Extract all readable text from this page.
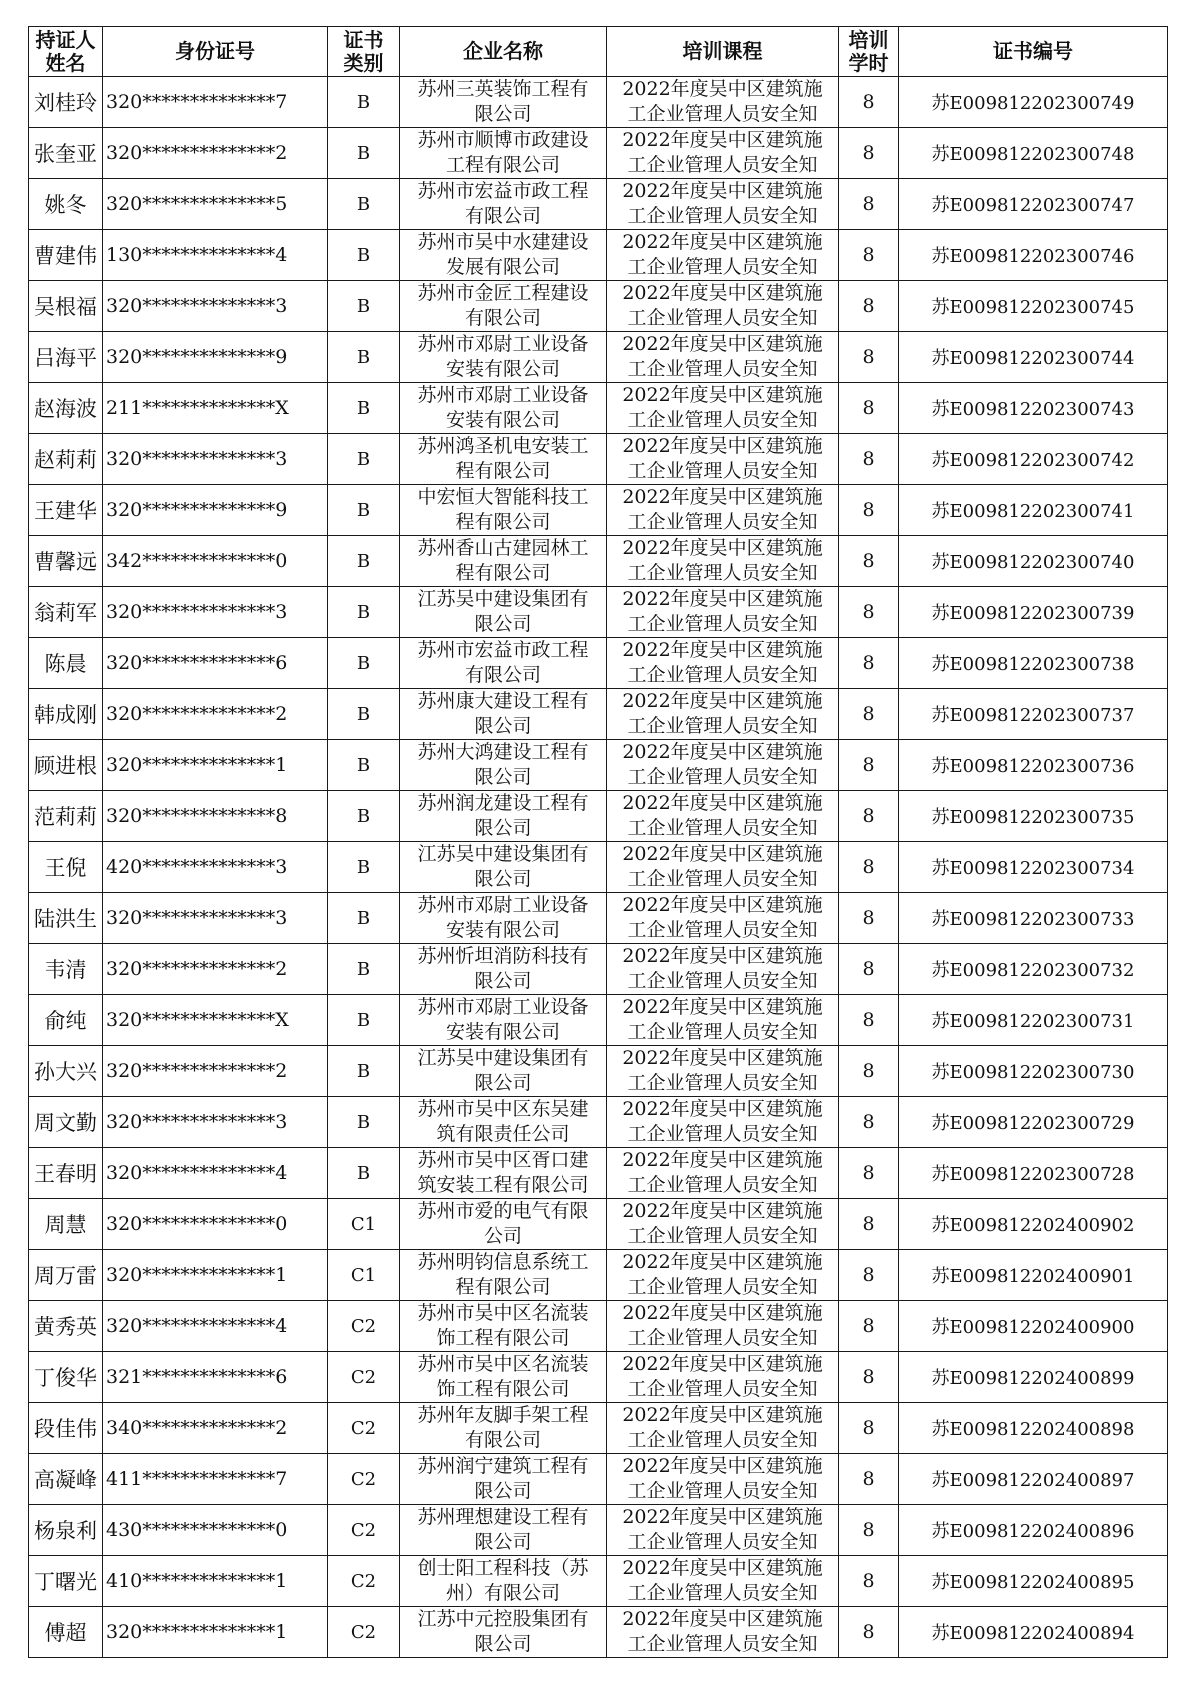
持证人
姓名	身份证号	证书
类别	企业名称	培训课程	培训
学时	证书编号
刘桂玲	320**************7	B	苏州三英装饰工程有
限公司	2022年度吴中区建筑施
工企业管理人员安全知	8	苏E009812202300749
张奎亚	320**************2	B	苏州市顺博市政建设
工程有限公司	2022年度吴中区建筑施
工企业管理人员安全知	8	苏E009812202300748
姚冬	320**************5	B	苏州市宏益市政工程
有限公司	2022年度吴中区建筑施
工企业管理人员安全知	8	苏E009812202300747
曹建伟	130**************4	B	苏州市吴中水建建设
发展有限公司	2022年度吴中区建筑施
工企业管理人员安全知	8	苏E009812202300746
吴根福	320**************3	B	苏州市金匠工程建设
有限公司	2022年度吴中区建筑施
工企业管理人员安全知	8	苏E009812202300745
吕海平	320**************9	B	苏州市邓尉工业设备
安装有限公司	2022年度吴中区建筑施
工企业管理人员安全知	8	苏E009812202300744
赵海波	211**************X	B	苏州市邓尉工业设备
安装有限公司	2022年度吴中区建筑施
工企业管理人员安全知	8	苏E009812202300743
赵莉莉	320**************3	B	苏州鸿圣机电安装工
程有限公司	2022年度吴中区建筑施
工企业管理人员安全知	8	苏E009812202300742
王建华	320**************9	B	中宏恒大智能科技工
程有限公司	2022年度吴中区建筑施
工企业管理人员安全知	8	苏E009812202300741
曹馨远	342**************0	B	苏州香山古建园林工
程有限公司	2022年度吴中区建筑施
工企业管理人员安全知	8	苏E009812202300740
翁莉军	320**************3	B	江苏吴中建设集团有
限公司	2022年度吴中区建筑施
工企业管理人员安全知	8	苏E009812202300739
陈晨	320**************6	B	苏州市宏益市政工程
有限公司	2022年度吴中区建筑施
工企业管理人员安全知	8	苏E009812202300738
韩成刚	320**************2	B	苏州康大建设工程有
限公司	2022年度吴中区建筑施
工企业管理人员安全知	8	苏E009812202300737
顾进根	320**************1	B	苏州大鸿建设工程有
限公司	2022年度吴中区建筑施
工企业管理人员安全知	8	苏E009812202300736
范莉莉	320**************8	B	苏州润龙建设工程有
限公司	2022年度吴中区建筑施
工企业管理人员安全知	8	苏E009812202300735
王倪	420**************3	B	江苏吴中建设集团有
限公司	2022年度吴中区建筑施
工企业管理人员安全知	8	苏E009812202300734
陆洪生	320**************3	B	苏州市邓尉工业设备
安装有限公司	2022年度吴中区建筑施
工企业管理人员安全知	8	苏E009812202300733
韦清	320**************2	B	苏州忻坦消防科技有
限公司	2022年度吴中区建筑施
工企业管理人员安全知	8	苏E009812202300732
俞纯	320**************X	B	苏州市邓尉工业设备
安装有限公司	2022年度吴中区建筑施
工企业管理人员安全知	8	苏E009812202300731
孙大兴	320**************2	B	江苏吴中建设集团有
限公司	2022年度吴中区建筑施
工企业管理人员安全知	8	苏E009812202300730
周文勤	320**************3	B	苏州市吴中区东吴建
筑有限责任公司	2022年度吴中区建筑施
工企业管理人员安全知	8	苏E009812202300729
王春明	320**************4	B	苏州市吴中区胥口建
筑安装工程有限公司	2022年度吴中区建筑施
工企业管理人员安全知	8	苏E009812202300728
周慧	320**************0	C1	苏州市爱的电气有限
公司	2022年度吴中区建筑施
工企业管理人员安全知	8	苏E009812202400902
周万雷	320**************1	C1	苏州明钧信息系统工
程有限公司	2022年度吴中区建筑施
工企业管理人员安全知	8	苏E009812202400901
黄秀英	320**************4	C2	苏州市吴中区名流装
饰工程有限公司	2022年度吴中区建筑施
工企业管理人员安全知	8	苏E009812202400900
丁俊华	321**************6	C2	苏州市吴中区名流装
饰工程有限公司	2022年度吴中区建筑施
工企业管理人员安全知	8	苏E009812202400899
段佳伟	340**************2	C2	苏州年友脚手架工程
有限公司	2022年度吴中区建筑施
工企业管理人员安全知	8	苏E009812202400898
高凝峰	411**************7	C2	苏州润宁建筑工程有
限公司	2022年度吴中区建筑施
工企业管理人员安全知	8	苏E009812202400897
杨泉利	430**************0	C2	苏州理想建设工程有
限公司	2022年度吴中区建筑施
工企业管理人员安全知	8	苏E009812202400896
丁曙光	410**************1	C2	创士阳工程科技（苏
州）有限公司	2022年度吴中区建筑施
工企业管理人员安全知	8	苏E009812202400895
傅超	320**************1	C2	江苏中元控股集团有
限公司	2022年度吴中区建筑施
工企业管理人员安全知	8	苏E009812202400894
